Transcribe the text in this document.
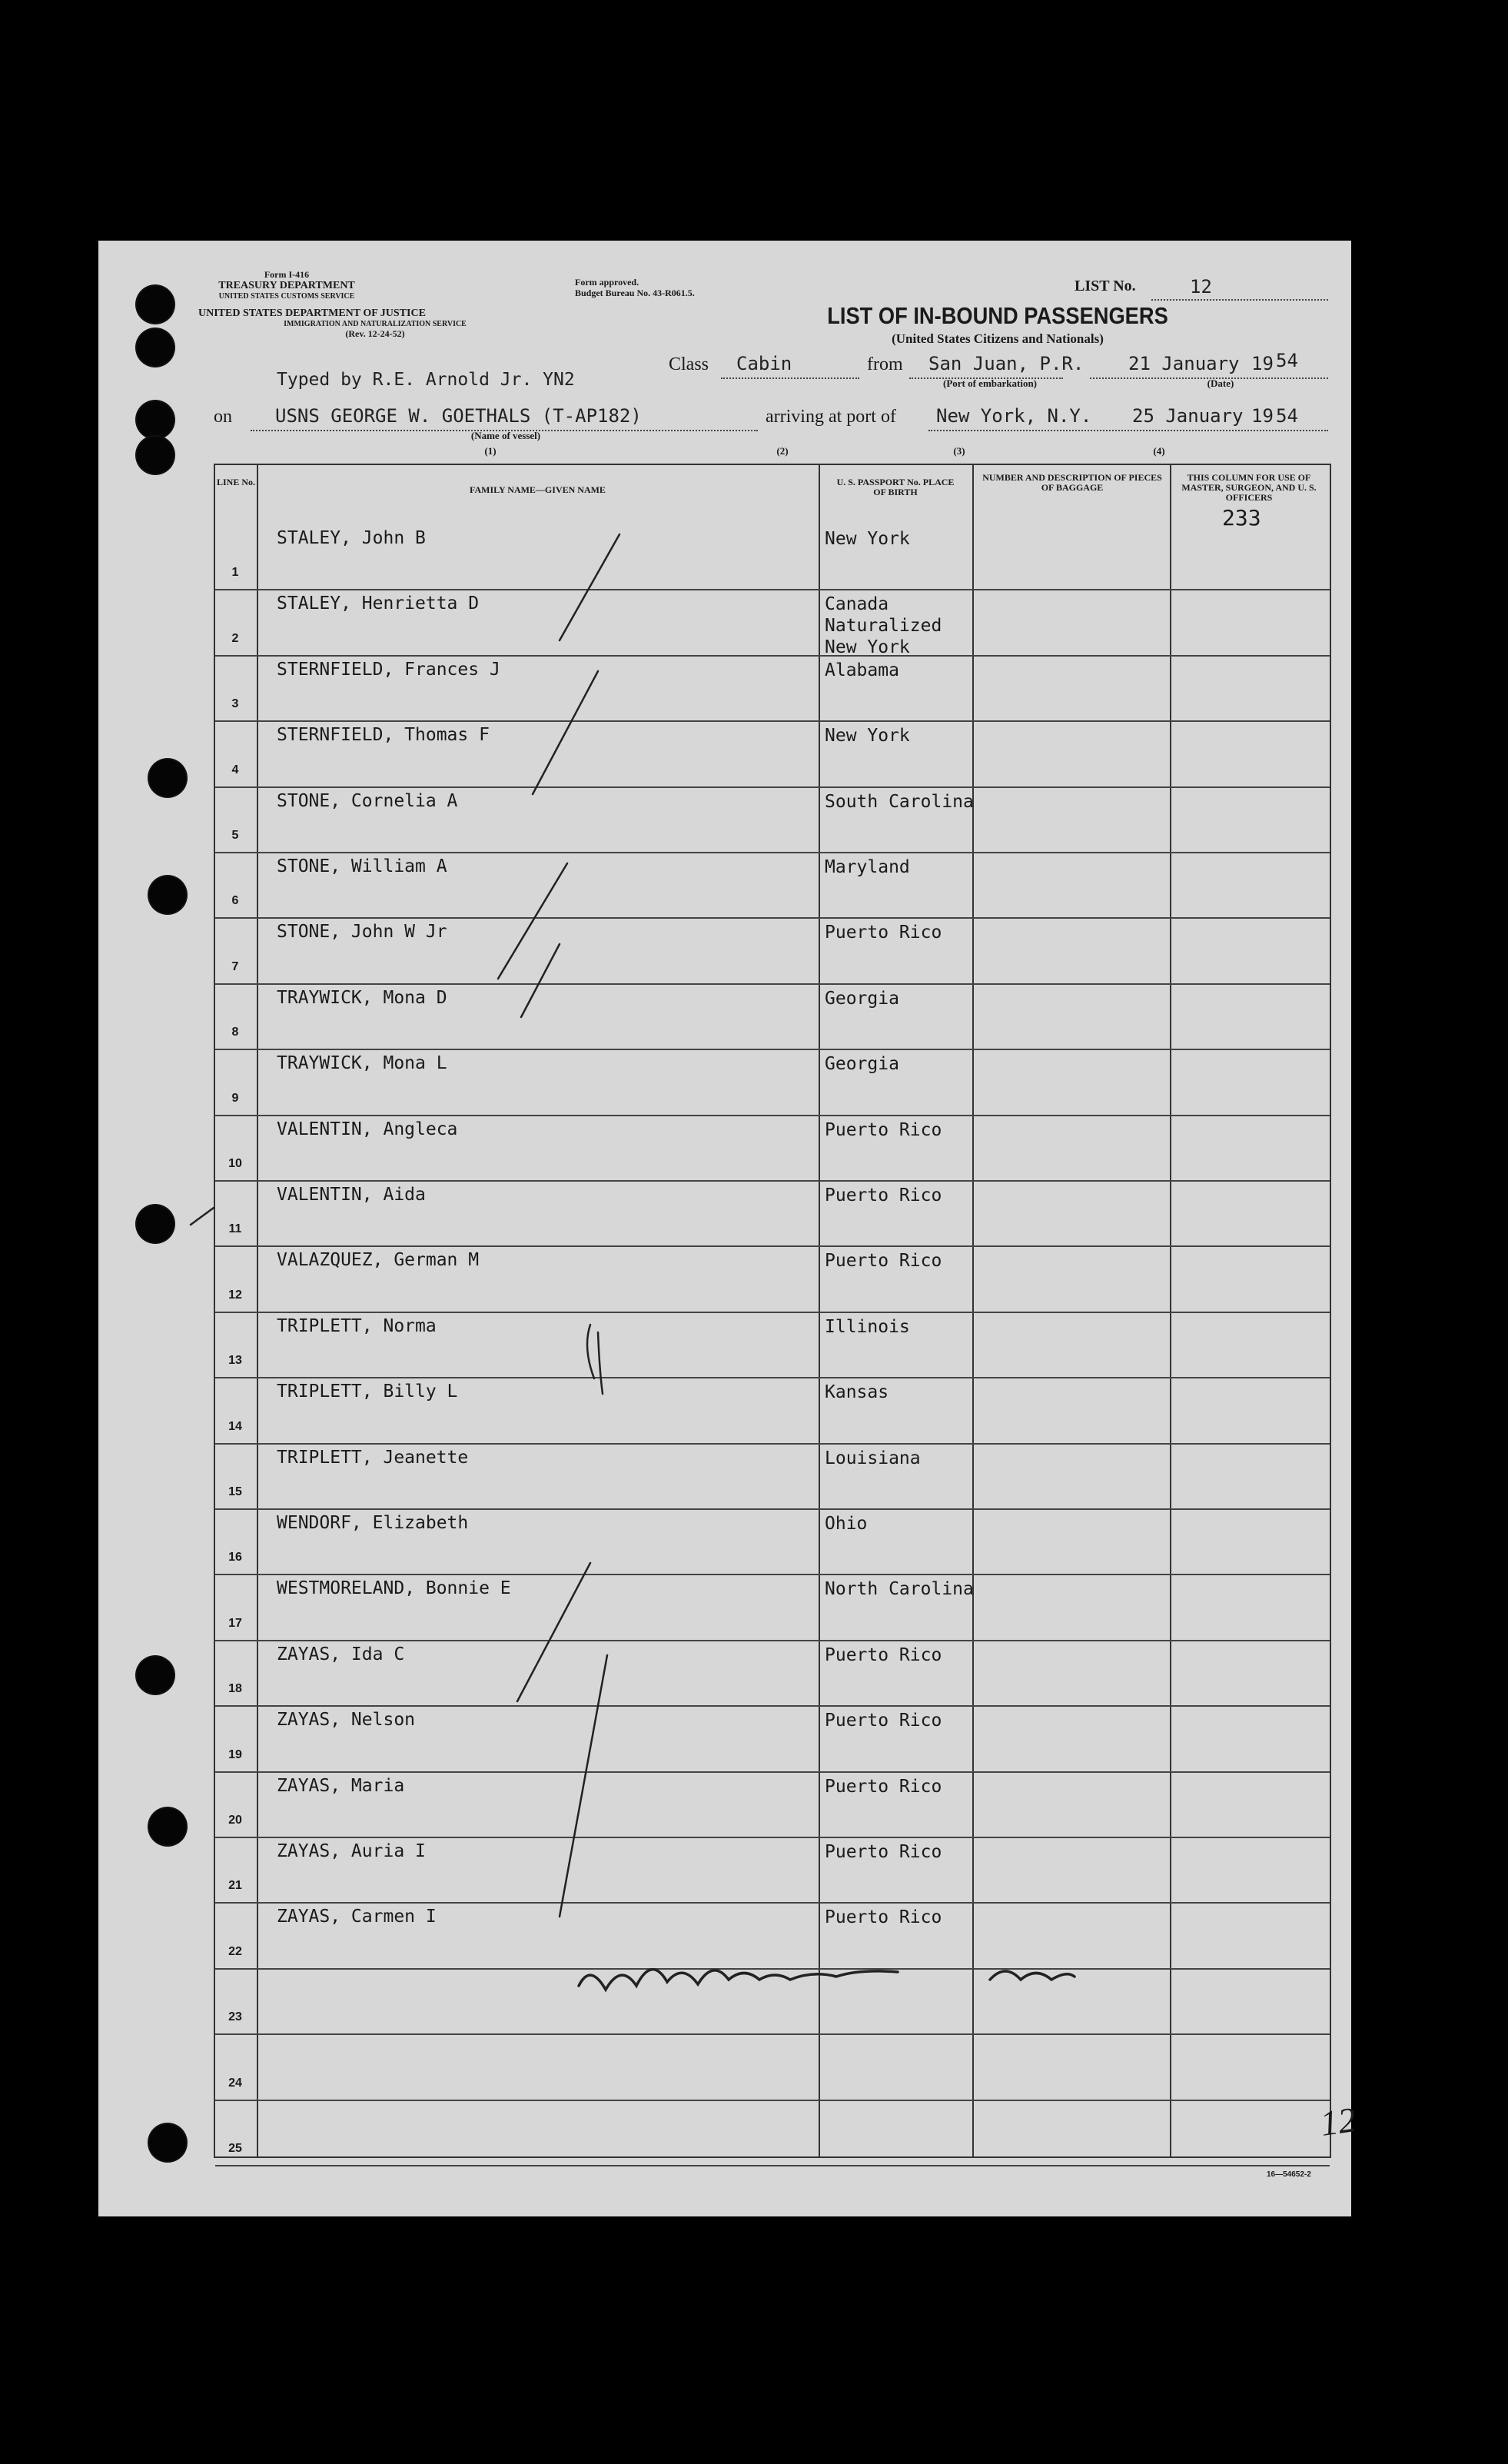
Form I-416
TREASURY DEPARTMENT
UNITED STATES CUSTOMS SERVICE
UNITED STATES DEPARTMENT OF JUSTICE
IMMIGRATION AND NATURALIZATION SERVICE
(Rev. 12-24-52)
Form approved.
Budget Bureau No. 43-R061.5.	LIST No.	12
LIST OF IN-BOUND PASSENGERS
(United States Citizens and Nationals)
Typed by R.E. Arnold Jr. YN2
Class Cabin	from San Juan, P.R.
(Port of embarkation)
21 January 19 54
(Date)
on USNS GEORGE W. GOETHALS (T-AP182)
(Name of vessel)
arriving at port of New York, N.Y. 25 January 19 54
(1)	(2)	(3)	(4)
LINE No.
FAMILY NAME—GIVEN NAME
U. S. PASSPORT No. PLACE OF BIRTH
NUMBER AND DESCRIPTION OF PIECES OF BAGGAGE
THIS COLUMN FOR USE OF MASTER, SURGEON, AND U. S. OFFICERS
1
STALEY, John B	New York
2
STALEY, Henrietta D	Canada
Naturalized
New York
3
STERNFIELD, Frances J	Alabama
4
STERNFIELD, Thomas F	New York
5
STONE, Cornelia A	South Carolina
6
STONE, William A	Maryland
7
STONE, John W Jr	Puerto Rico
8
TRAYWICK, Mona D	Georgia
9
TRAYWICK, Mona L	Georgia
10
VALENTIN, Angleca	Puerto Rico
11
VALENTIN, Aida	Puerto Rico
12
VALAZQUEZ, German M	Puerto Rico
13
TRIPLETT, Norma	Illinois
14
TRIPLETT, Billy L	Kansas
15
TRIPLETT, Jeanette	Louisiana
16
WENDORF, Elizabeth	Ohio
17
WESTMORELAND, Bonnie E	North Carolina
18
ZAYAS, Ida C	Puerto Rico
19
ZAYAS, Nelson	Puerto Rico
20
ZAYAS, Maria	Puerto Rico
21
ZAYAS, Auria I	Puerto Rico
22
ZAYAS, Carmen I	Puerto Rico
23
24
25
233
12
16—54652-2
